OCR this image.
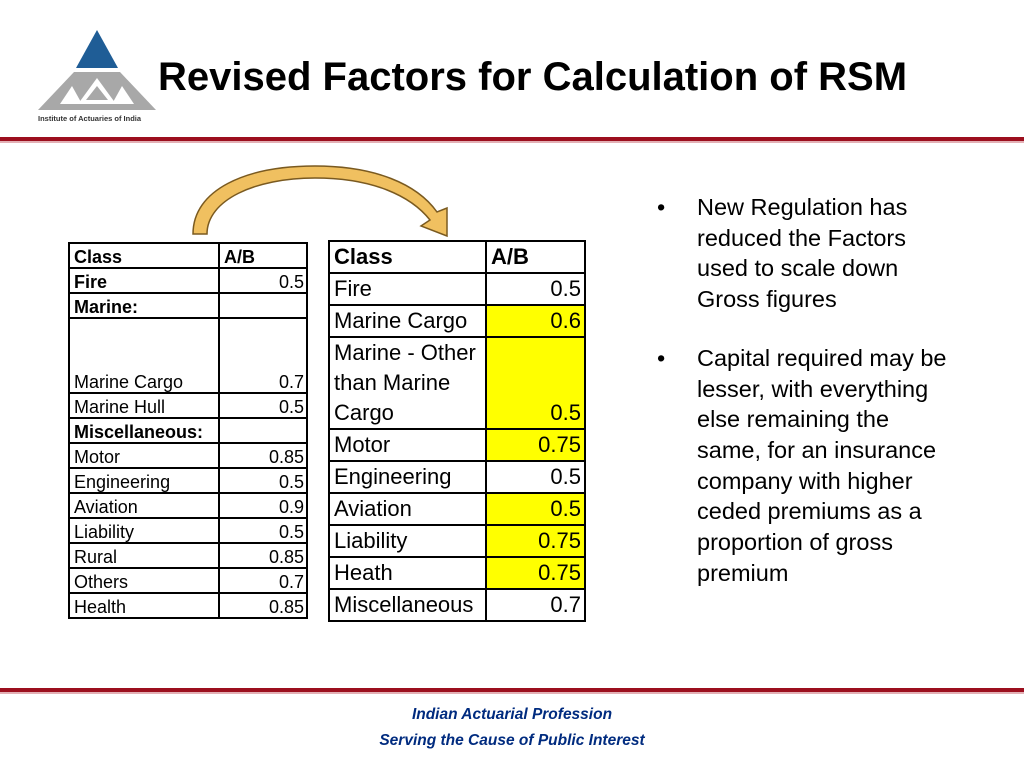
Institute of Actuaries of India
Revised Factors for Calculation of RSM
Class	A/B
Fire	0.5
Marine:	
Marine Cargo	0.7
Marine Hull	0.5
Miscellaneous:	
Motor	0.85
Engineering	0.5
Aviation	0.9
Liability	0.5
Rural	0.85
Others	0.7
Health	0.85
Class	A/B
Fire	0.5
Marine Cargo	0.6

Marine - Other
than Marine
Cargo	0.5
Motor	0.75
Engineering	0.5
Aviation	0.5
Liability	0.75
Heath	0.75
Miscellaneous	0.7
• New Regulation has reduced the Factors used to scale down Gross figures
• Capital required may be lesser, with everything else remaining the same, for an insurance company with higher ceded premiums as a proportion of gross premium
Indian Actuarial Profession
Serving the Cause of Public Interest
